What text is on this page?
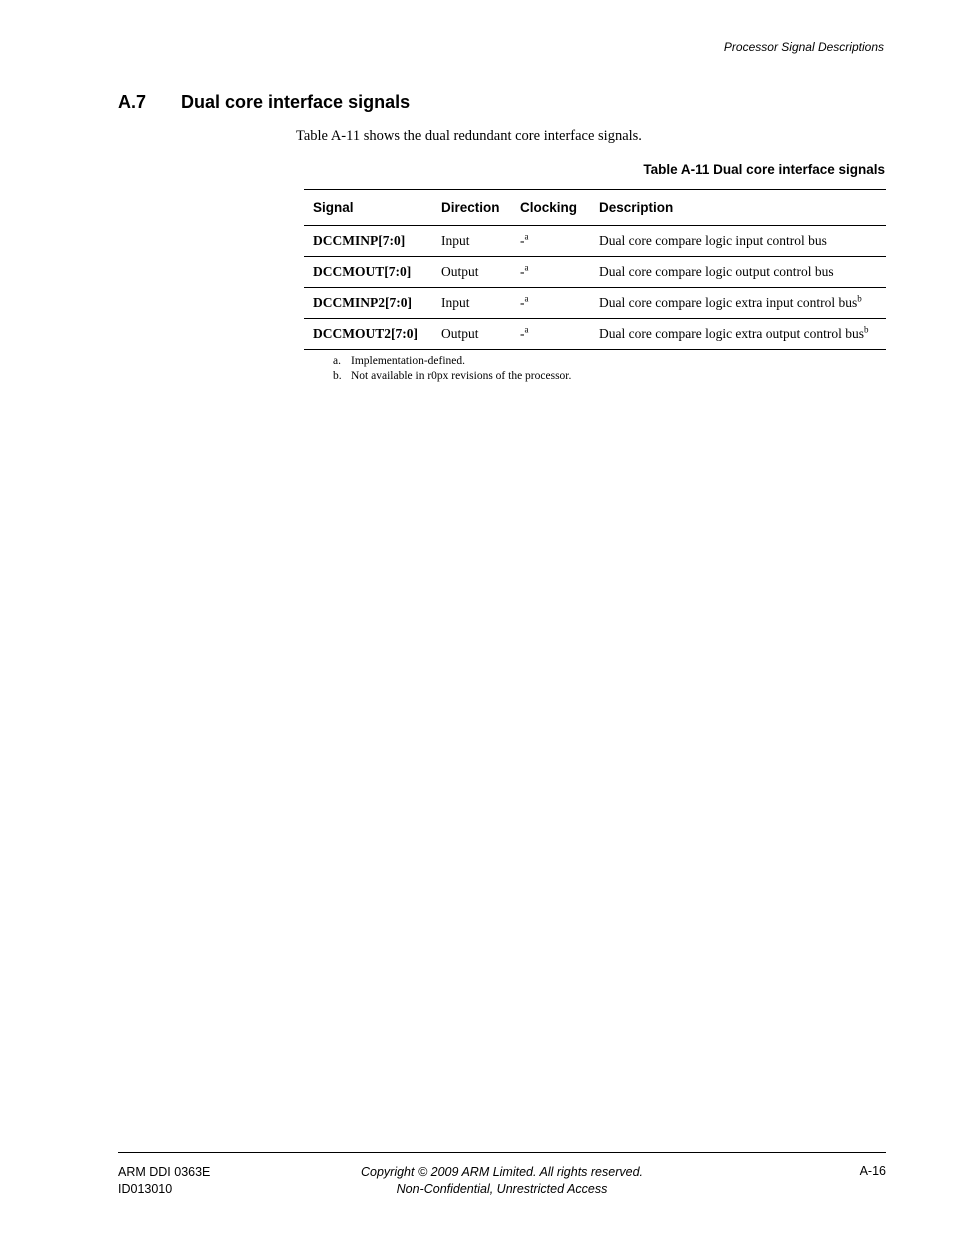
Processor Signal Descriptions
A.7 Dual core interface signals
Table A-11 shows the dual redundant core interface signals.
Table A-11 Dual core interface signals
Signal	Direction	Clocking	Description
DCCMINP[7:0]	Input	-$^a$	Dual core compare logic input control bus
DCCMOUT[7:0]	Output	-$^a$	Dual core compare logic output control bus
DCCMINP2[7:0]	Input	-$^a$	Dual core compare logic extra input control bus$^b$
DCCMOUT2[7:0]	Output	-$^a$	Dual core compare logic extra output control bus$^b$
a. Implementation-defined.
b. Not available in r0px revisions of the processor.
ARM DDI 0363E
ID013010
Copyright © 2009 ARM Limited. All rights reserved.
Non-Confidential, Unrestricted Access
A-16
